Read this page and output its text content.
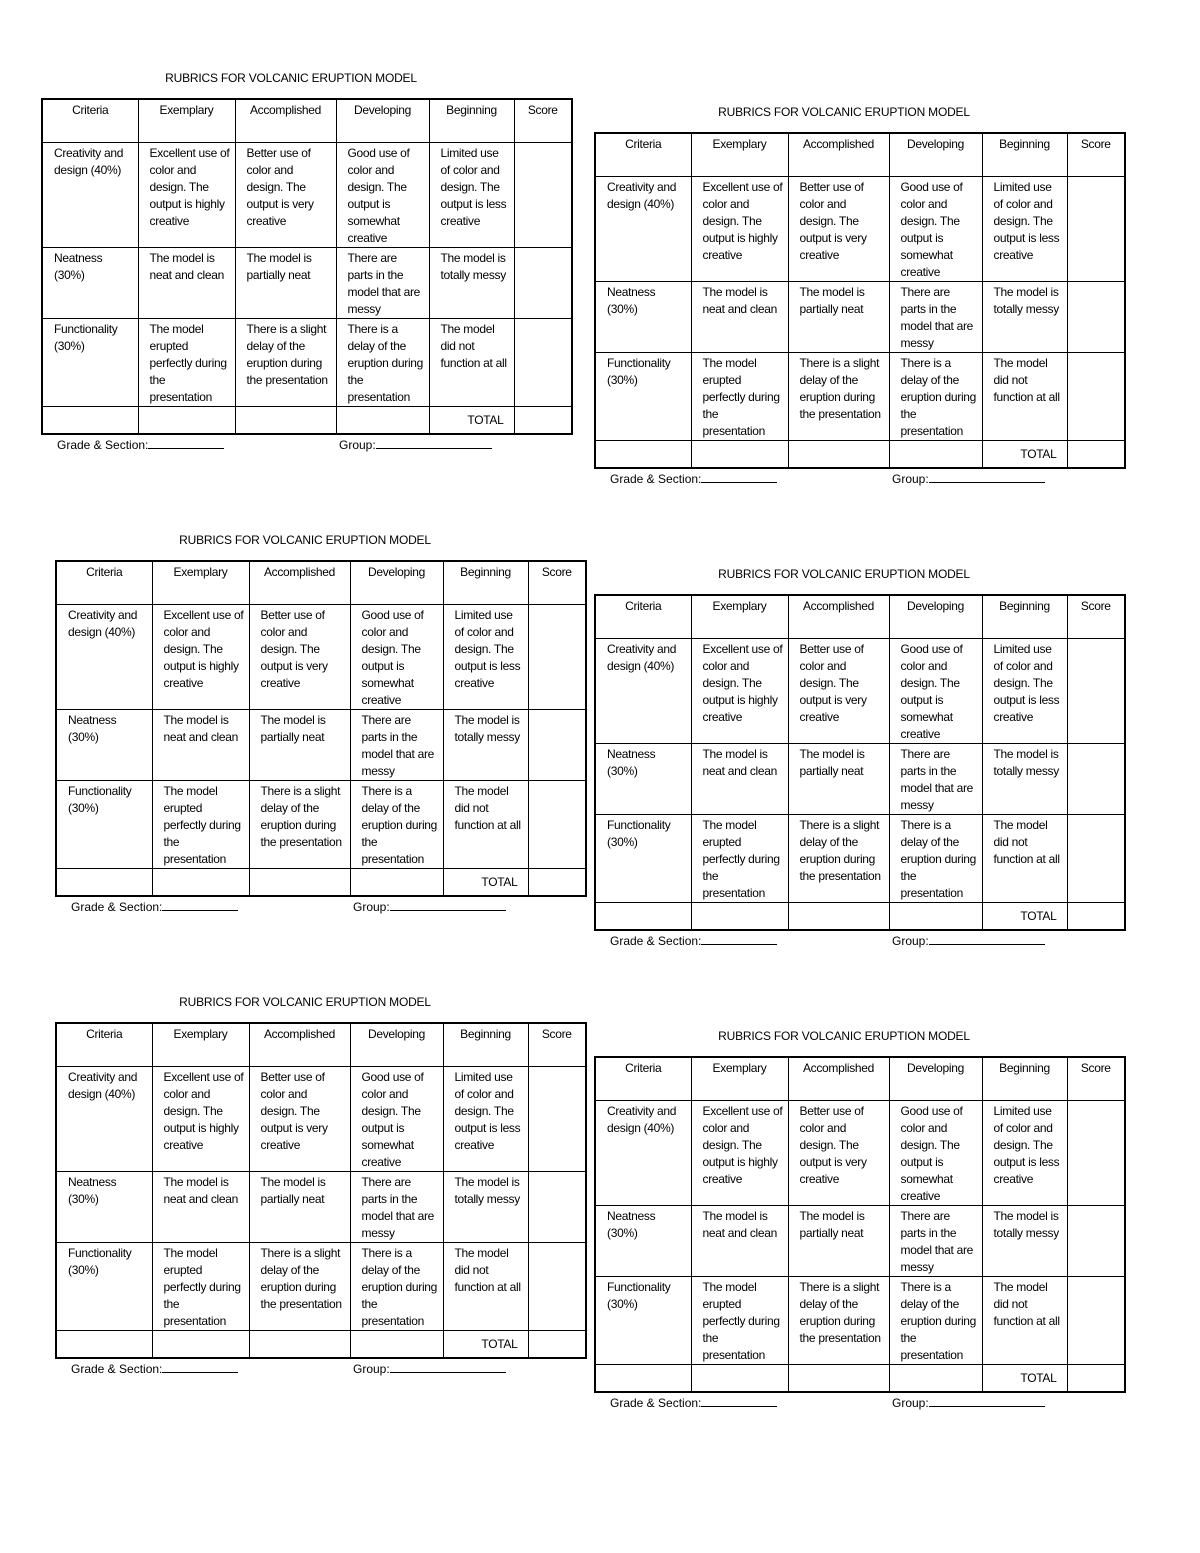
RUBRICS FOR VOLCANIC ERUPTION MODEL
Criteria	Exemplary	Accomplished	Developing	Beginning	Score
Creativity and design (40%)	Excellent use of color and design. The output is highly creative	Better use of color and design. The output is very creative	Good use of color and design. The output is somewhat creative	Limited use of color and design. The output is less creative	
Neatness (30%)	The model is neat and clean	The model is partially neat	There are parts in the model that are messy	The model is totally messy	
Functionality (30%)	The model erupted perfectly during the presentation	There is a slight delay of the eruption during the presentation	There is a delay of the eruption during the presentation	The model did not function at all	
				TOTAL	
Grade & Section:	Group:
RUBRICS FOR VOLCANIC ERUPTION MODEL
Criteria	Exemplary	Accomplished	Developing	Beginning	Score
Creativity and design (40%)	Excellent use of color and design. The output is highly creative	Better use of color and design. The output is very creative	Good use of color and design. The output is somewhat creative	Limited use of color and design. The output is less creative	
Neatness (30%)	The model is neat and clean	The model is partially neat	There are parts in the model that are messy	The model is totally messy	
Functionality (30%)	The model erupted perfectly during the presentation	There is a slight delay of the eruption during the presentation	There is a delay of the eruption during the presentation	The model did not function at all	
				TOTAL	
Grade & Section:	Group:
RUBRICS FOR VOLCANIC ERUPTION MODEL
Criteria	Exemplary	Accomplished	Developing	Beginning	Score
Creativity and design (40%)	Excellent use of color and design. The output is highly creative	Better use of color and design. The output is very creative	Good use of color and design. The output is somewhat creative	Limited use of color and design. The output is less creative	
Neatness (30%)	The model is neat and clean	The model is partially neat	There are parts in the model that are messy	The model is totally messy	
Functionality (30%)	The model erupted perfectly during the presentation	There is a slight delay of the eruption during the presentation	There is a delay of the eruption during the presentation	The model did not function at all	
				TOTAL	
Grade & Section:	Group:
RUBRICS FOR VOLCANIC ERUPTION MODEL
Criteria	Exemplary	Accomplished	Developing	Beginning	Score
Creativity and design (40%)	Excellent use of color and design. The output is highly creative	Better use of color and design. The output is very creative	Good use of color and design. The output is somewhat creative	Limited use of color and design. The output is less creative	
Neatness (30%)	The model is neat and clean	The model is partially neat	There are parts in the model that are messy	The model is totally messy	
Functionality (30%)	The model erupted perfectly during the presentation	There is a slight delay of the eruption during the presentation	There is a delay of the eruption during the presentation	The model did not function at all	
				TOTAL	
Grade & Section:	Group:
RUBRICS FOR VOLCANIC ERUPTION MODEL
Criteria	Exemplary	Accomplished	Developing	Beginning	Score
Creativity and design (40%)	Excellent use of color and design. The output is highly creative	Better use of color and design. The output is very creative	Good use of color and design. The output is somewhat creative	Limited use of color and design. The output is less creative	
Neatness (30%)	The model is neat and clean	The model is partially neat	There are parts in the model that are messy	The model is totally messy	
Functionality (30%)	The model erupted perfectly during the presentation	There is a slight delay of the eruption during the presentation	There is a delay of the eruption during the presentation	The model did not function at all	
				TOTAL	
Grade & Section:	Group:
RUBRICS FOR VOLCANIC ERUPTION MODEL
Criteria	Exemplary	Accomplished	Developing	Beginning	Score
Creativity and design (40%)	Excellent use of color and design. The output is highly creative	Better use of color and design. The output is very creative	Good use of color and design. The output is somewhat creative	Limited use of color and design. The output is less creative	
Neatness (30%)	The model is neat and clean	The model is partially neat	There are parts in the model that are messy	The model is totally messy	
Functionality (30%)	The model erupted perfectly during the presentation	There is a slight delay of the eruption during the presentation	There is a delay of the eruption during the presentation	The model did not function at all	
				TOTAL	
Grade & Section:	Group:
